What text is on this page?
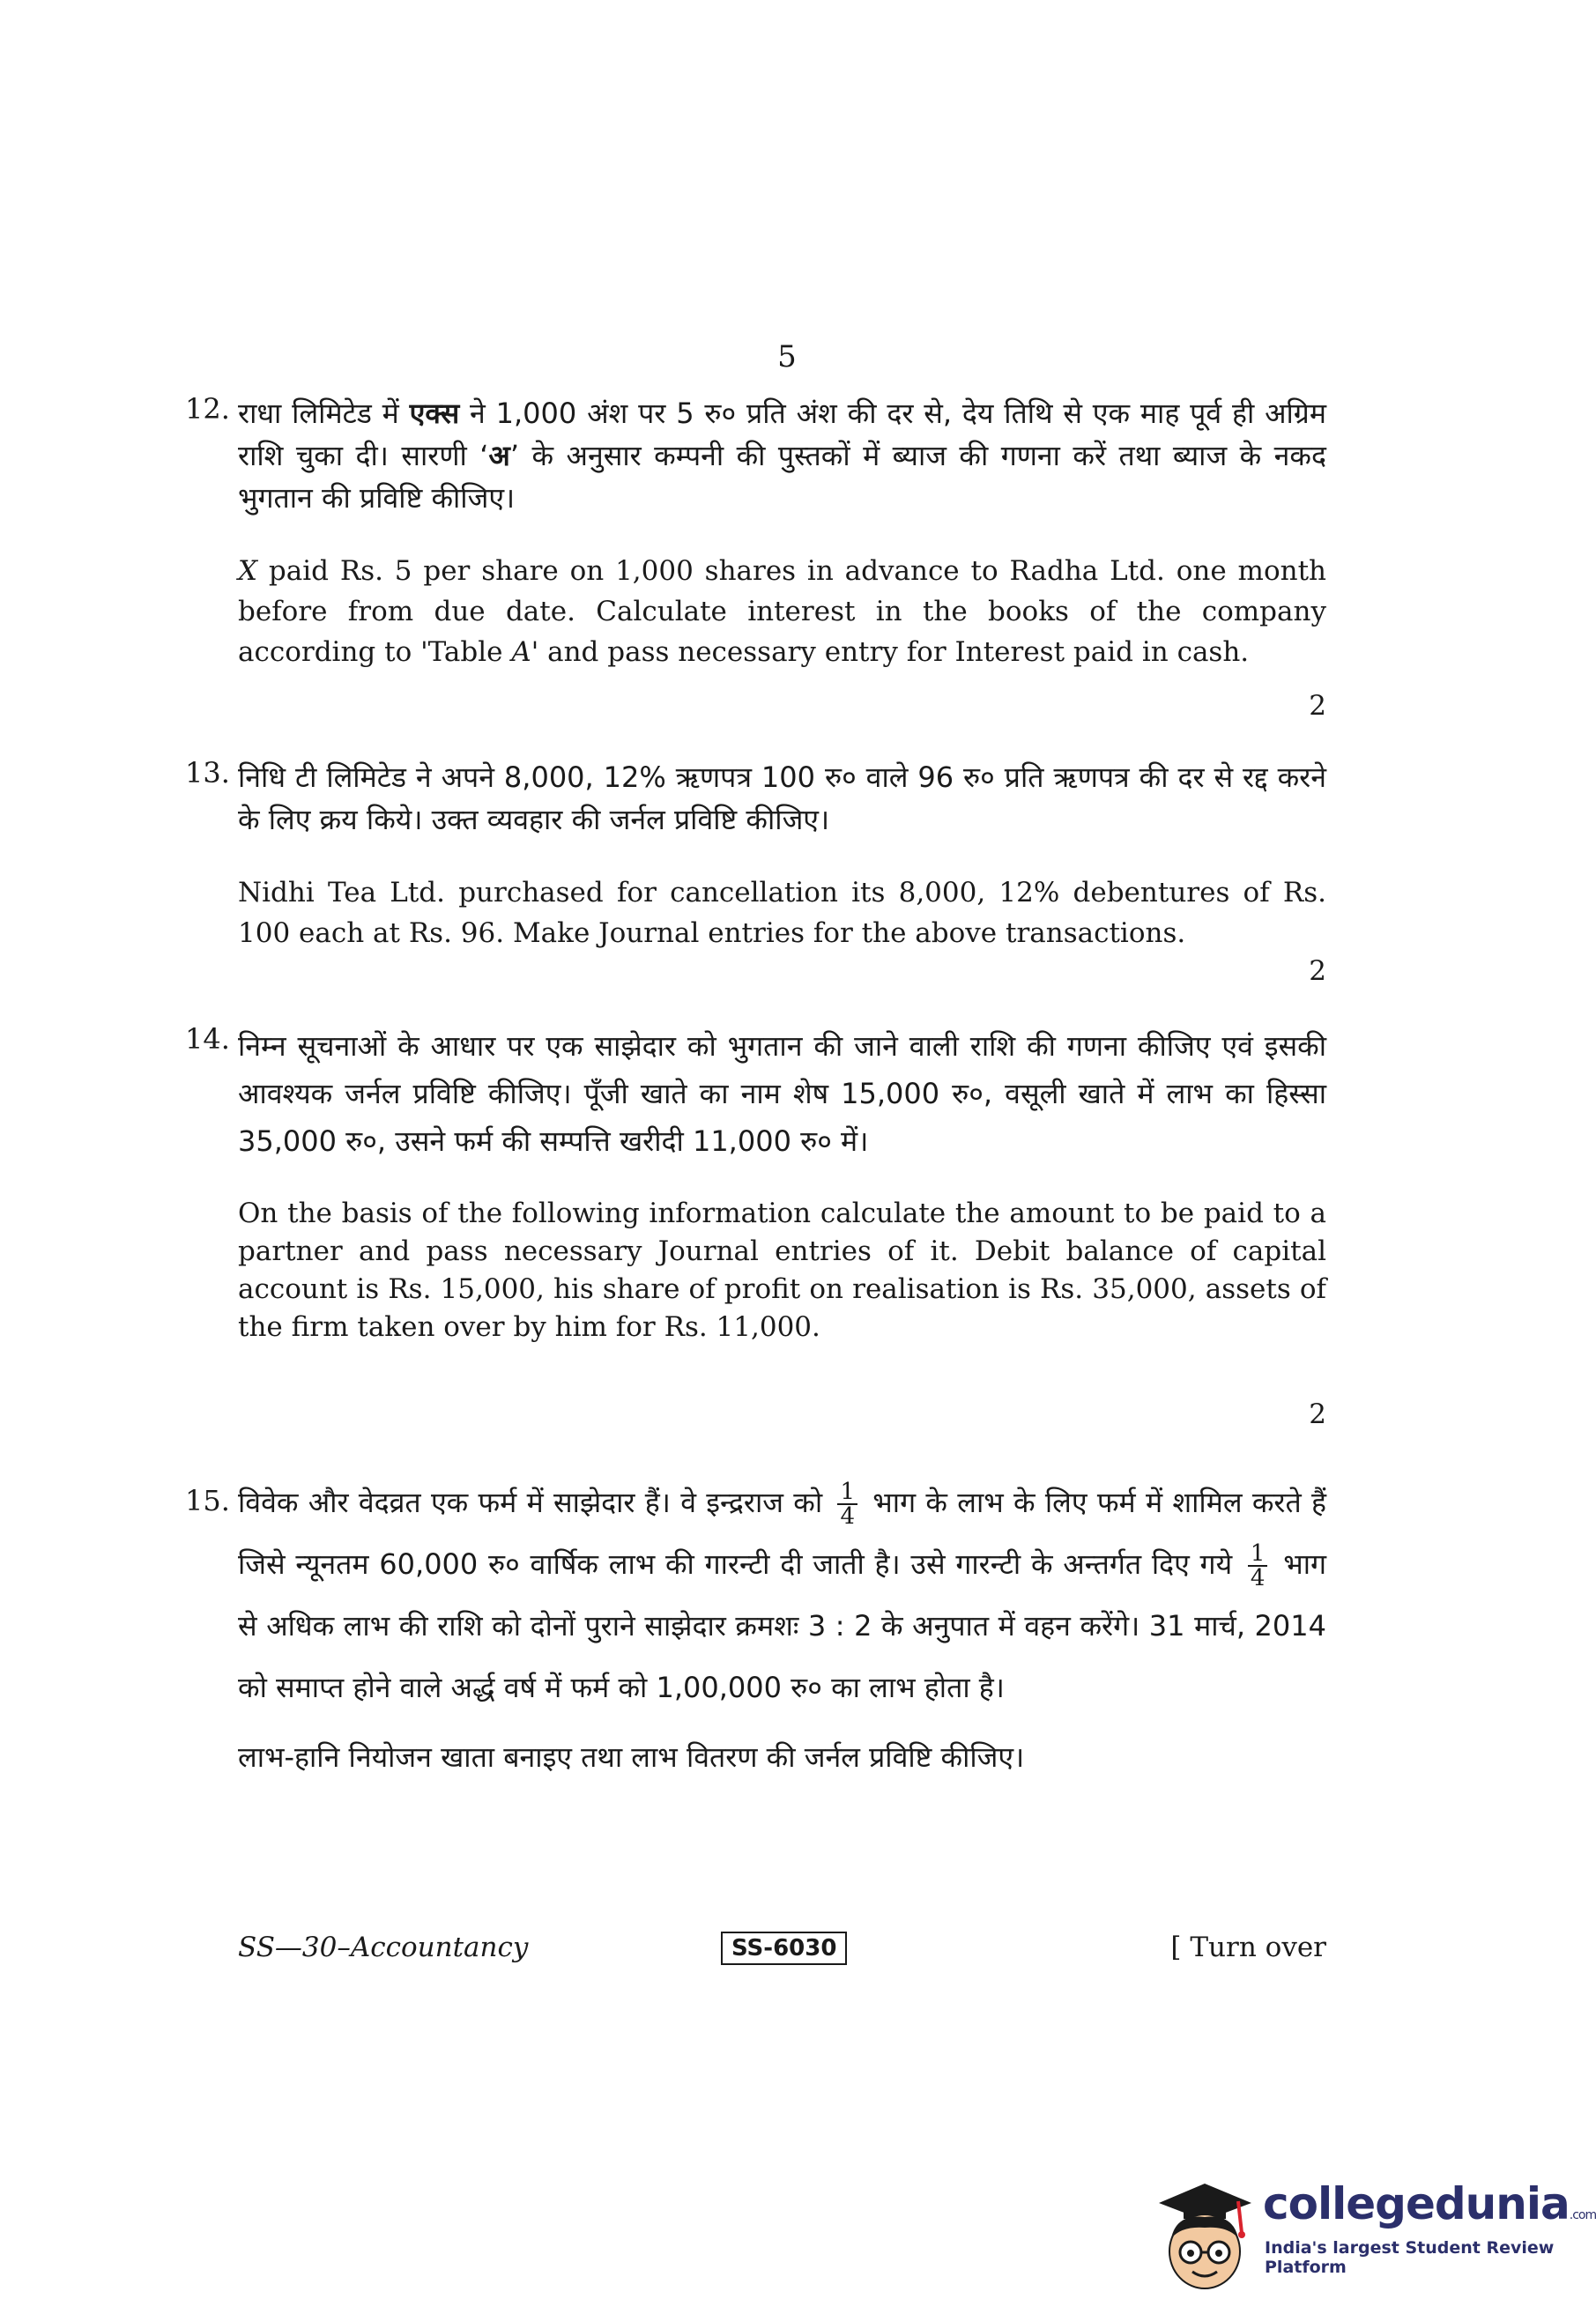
5
12. राधा लिमिटेड में एक्स ने 1,000 अंश पर 5 रु० प्रति अंश की दर से, देय तिथि से एक माह पूर्व ही अग्रिम राशि चुका दी। सारणी ‘अ’ के अनुसार कम्पनी की पुस्तकों में ब्याज की गणना करें तथा ब्याज के नकद भुगतान की प्रविष्टि कीजिए।

X paid Rs. 5 per share on 1,000 shares in advance to Radha Ltd. one month before from due date. Calculate interest in the books of the company according to 'Table A' and pass necessary entry for Interest paid in cash.

2
13. निधि टी लिमिटेड ने अपने 8,000, 12% ऋणपत्र 100 रु० वाले 96 रु० प्रति ऋणपत्र की दर से रद्द करने के लिए क्रय किये। उक्त व्यवहार की जर्नल प्रविष्टि कीजिए।

Nidhi Tea Ltd. purchased for cancellation its 8,000, 12% debentures of Rs. 100 each at Rs. 96. Make Journal entries for the above transactions.

2
14. निम्न सूचनाओं के आधार पर एक साझेदार को भुगतान की जाने वाली राशि की गणना कीजिए एवं इसकी आवश्यक जर्नल प्रविष्टि कीजिए। पूँजी खाते का नाम शेष 15,000 रु०, वसूली खाते में लाभ का हिस्सा 35,000 रु०, उसने फर्म की सम्पत्ति खरीदी 11,000 रु० में।

On the basis of the following information calculate the amount to be paid to a partner and pass necessary Journal entries of it. Debit balance of capital account is Rs. 15,000, his share of profit on realisation is Rs. 35,000, assets of the firm taken over by him for Rs. 11,000.

2
15. विवेक और वेदव्रत एक फर्म में साझेदार हैं। वे इन्द्रराज को $\frac{1}{4}$ भाग के लाभ के लिए फर्म में शामिल करते हैं जिसे न्यूनतम 60,000 रु० वार्षिक लाभ की गारन्टी दी जाती है। उसे गारन्टी के अन्तर्गत दिए गये $\frac{1}{4}$ भाग से अधिक लाभ की राशि को दोनों पुराने साझेदार क्रमशः 3 : 2 के अनुपात में वहन करेंगे। 31 मार्च, 2014 को समाप्त होने वाले अर्द्ध वर्ष में फर्म को 1,00,000 रु० का लाभ होता है।

लाभ-हानि नियोजन खाता बनाइए तथा लाभ वितरण की जर्नल प्रविष्टि कीजिए।

SS—30–Accountancy	SS-6030	[ Turn over
collegedunia.com
India's largest Student Review Platform
